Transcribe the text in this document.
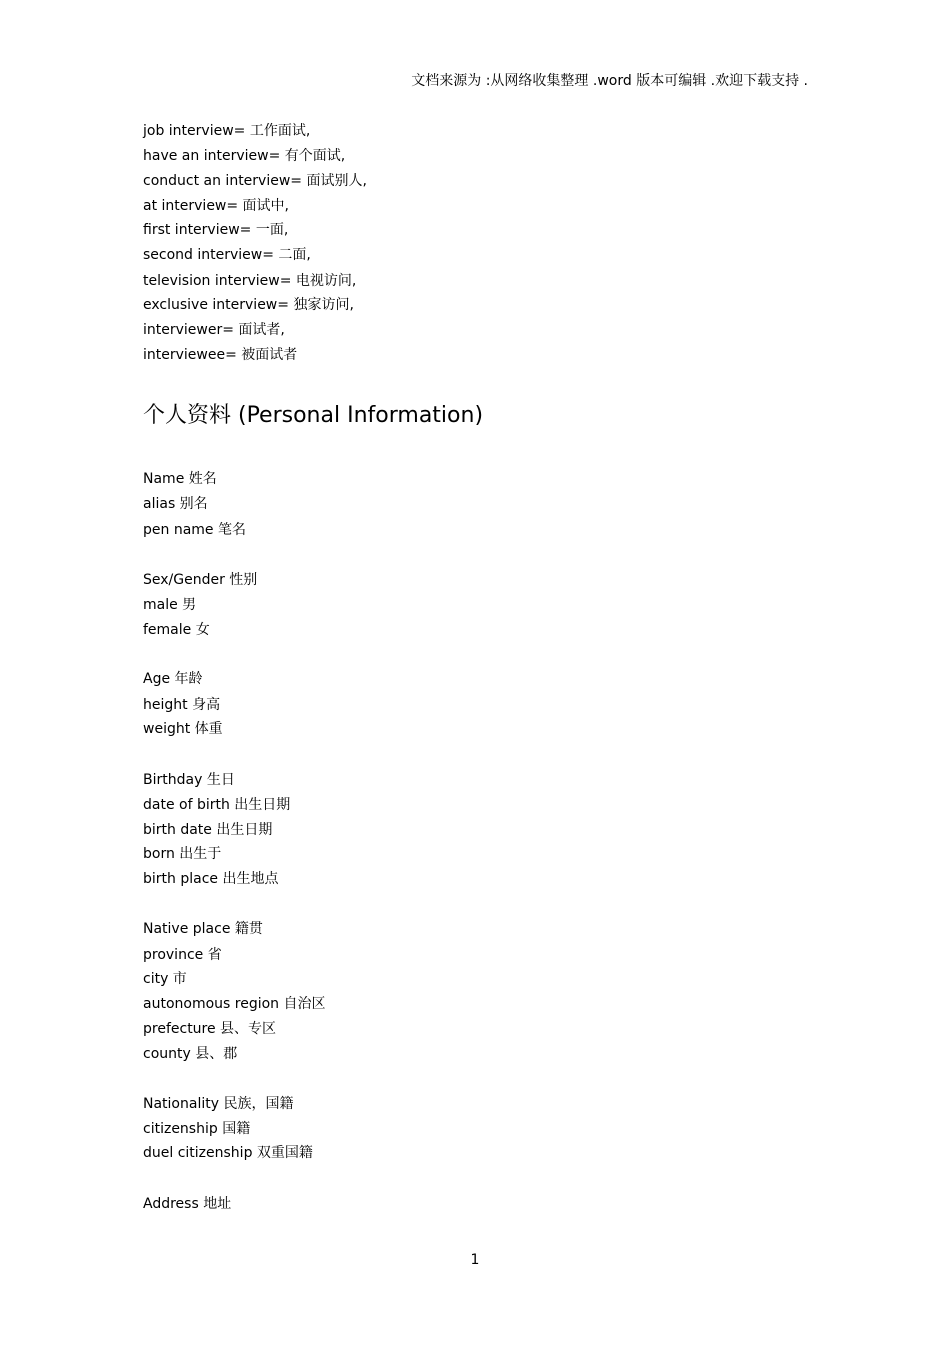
文档来源为 :从网络收集整理 .word 版本可编辑 .欢迎下载支持 .
job interview= 工作面试,
have an interview= 有个面试,
conduct an interview= 面试别人,
at interview= 面试中,
first interview= 一面,
second interview= 二面,
television interview= 电视访问,
exclusive interview= 独家访问,
interviewer= 面试者,
interviewee= 被面试者
个人资料 (Personal Information)
Name 姓名
alias 别名
pen name 笔名
Sex/Gender 性别
male 男
female 女
Age 年龄
height 身高
weight 体重
Birthday 生日
date of birth 出生日期
birth date 出生日期
born 出生于
birth place 出生地点
Native place 籍贯
province 省
city 市
autonomous region 自治区
prefecture 县、专区
county 县、郡
Nationality 民族，国籍
citizenship 国籍
duel citizenship 双重国籍
Address 地址
1
